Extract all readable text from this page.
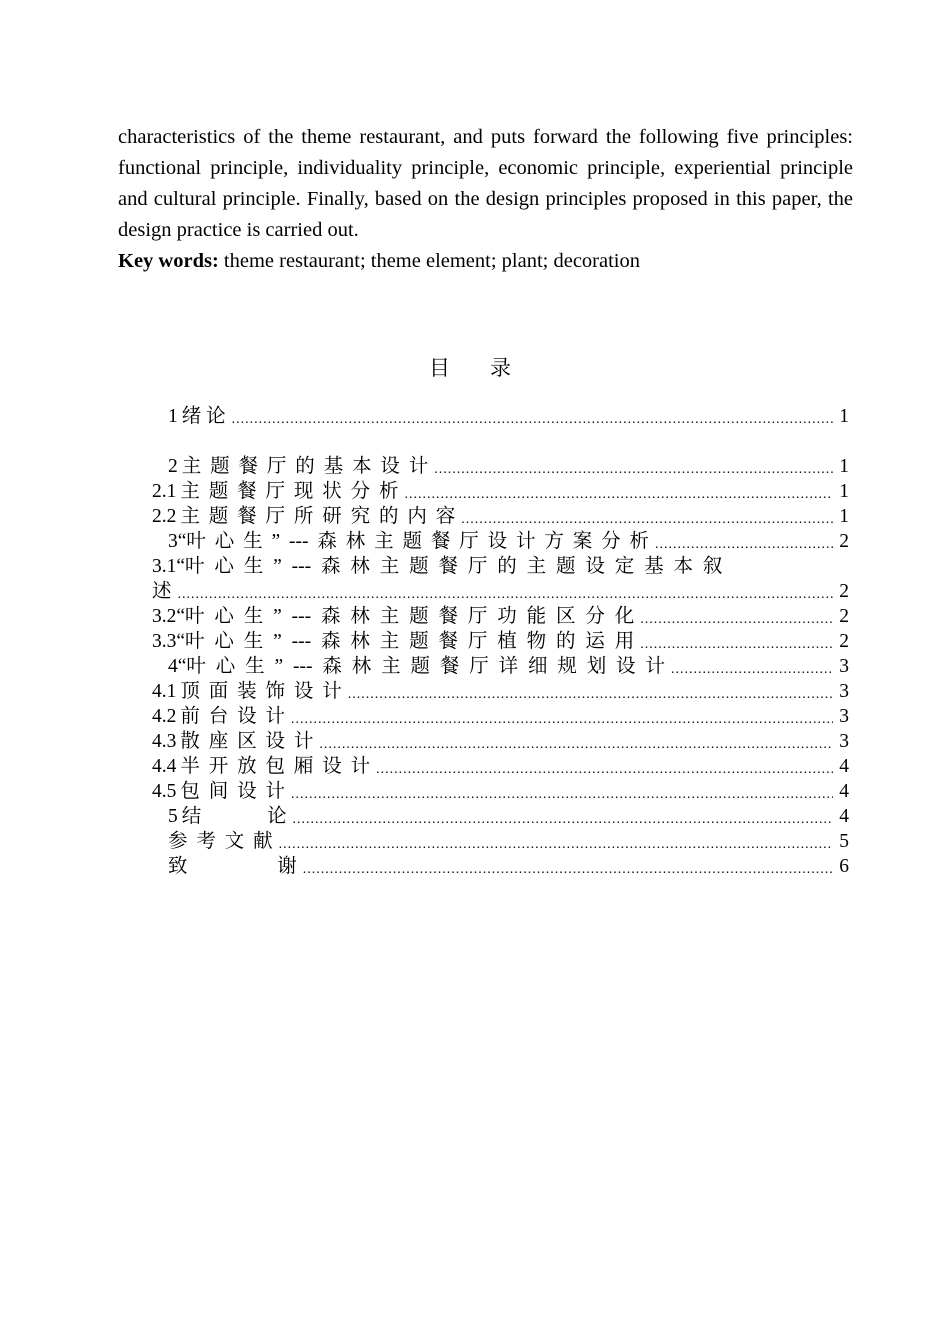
characteristics of the theme restaurant, and puts forward the following five principles: functional principle, individuality principle, economic principle, experiential principle and cultural principle. Finally, based on the design principles proposed in this paper, the design practice is carried out.

Key words: theme restaurant; theme element; plant; decoration

目录
1 绪 论 .....	1
2 主 题 餐 厅 的 基 本 设 计 .....	1
2.1 主 题 餐 厅 现 状 分 析 .....	1
2.2 主 题 餐 厅 所 研 究 的 内 容 .....	1
3 “叶 心 生 ” --- 森 林 主 题 餐 厅 设 计 方 案 分 析 .....	2
3.1“叶 心 生 ” --- 森 林 主 题 餐 厅 的 主 题 设 定 基 本 叙
述 .....	2
3.2 “叶 心 生 ” --- 森 林 主 题 餐 厅 功 能 区 分 化 .....	2
3.3 “叶 心 生 ” --- 森 林 主 题 餐 厅 植 物 的 运 用 .....	2
4 “叶 心 生 ” --- 森 林 主 题 餐 厅 详 细 规 划 设 计 .....	3
4.1 顶 面 装 饰 设 计 .....	3
4.2 前 台 设 计 .....	3
4.3 散 座 区 设 计 .....	3
4.4 半 开 放 包 厢 设 计 .....	4
4.5 包 间 设 计 .....	4
5 结  论 .....	4
参 考 文 献 .....	5
致  谢 .....	6
